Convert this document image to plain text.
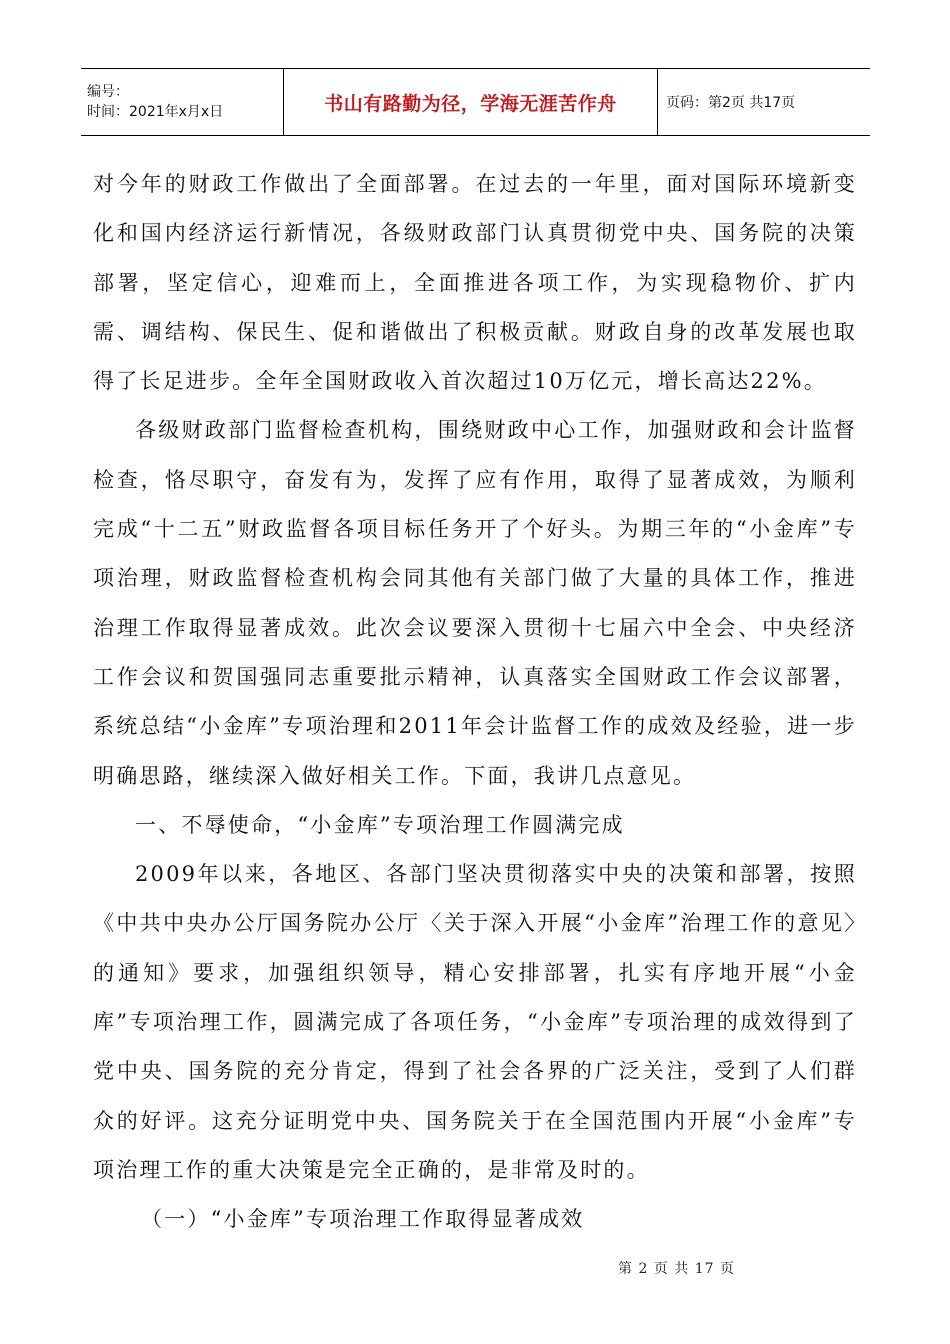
编号：
时间：2021年x月x日	书山有路勤为径，学海无涯苦作舟	页码：第2页 共17页

对今年的财政工作做出了全面部署。在过去的一年里，面对国际环境新变化和国内经济运行新情况，各级财政部门认真贯彻党中央、国务院的决策部署，坚定信心，迎难而上，全面推进各项工作，为实现稳物价、扩内需、调结构、保民生、促和谐做出了积极贡献。财政自身的改革发展也取得了长足进步。全年全国财政收入首次超过10万亿元，增长高达22%。

各级财政部门监督检查机构，围绕财政中心工作，加强财政和会计监督检查，恪尽职守，奋发有为，发挥了应有作用，取得了显著成效，为顺利完成“十二五”财政监督各项目标任务开了个好头。为期三年的“小金库”专项治理，财政监督检查机构会同其他有关部门做了大量的具体工作，推进治理工作取得显著成效。此次会议要深入贯彻十七届六中全会、中央经济工作会议和贺国强同志重要批示精神，认真落实全国财政工作会议部署，系统总结“小金库”专项治理和2011年会计监督工作的成效及经验，进一步明确思路，继续深入做好相关工作。下面，我讲几点意见。

一、不辱使命，“小金库”专项治理工作圆满完成

2009年以来，各地区、各部门坚决贯彻落实中央的决策和部署，按照《中共中央办公厅国务院办公厅〈关于深入开展“小金库”治理工作的意见〉的通知》要求，加强组织领导，精心安排部署，扎实有序地开展“小金库”专项治理工作，圆满完成了各项任务，“小金库”专项治理的成效得到了党中央、国务院的充分肯定，得到了社会各界的广泛关注，受到了人们群众的好评。这充分证明党中央、国务院关于在全国范围内开展“小金库”专项治理工作的重大决策是完全正确的，是非常及时的。

（一）“小金库”专项治理工作取得显著成效

第 2 页 共 17 页
